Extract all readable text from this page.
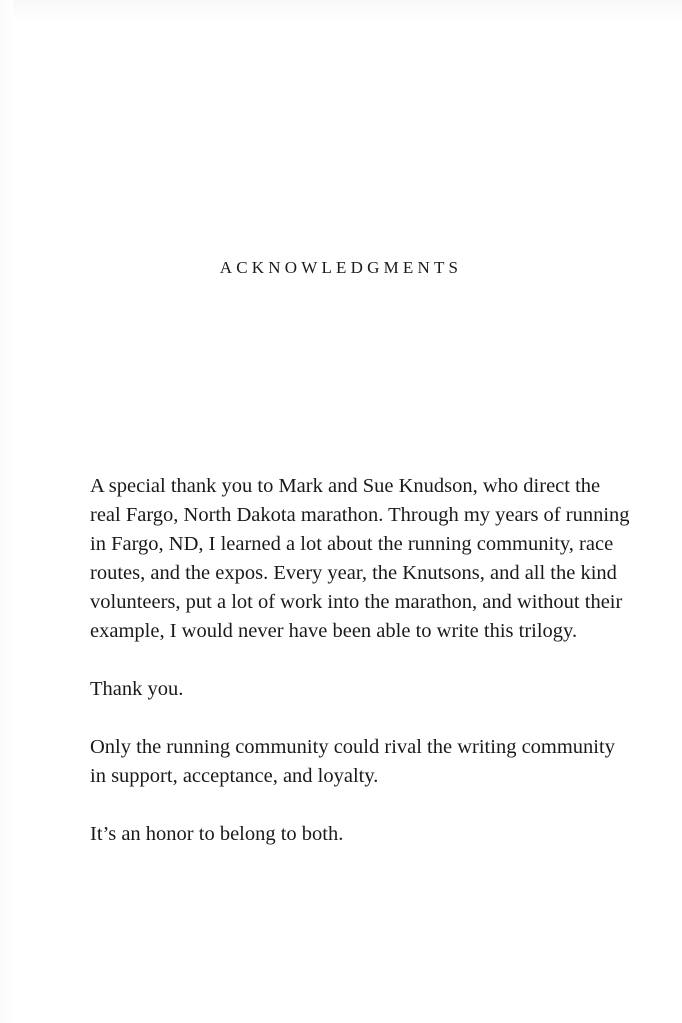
ACKNOWLEDGMENTS

A special thank you to Mark and Sue Knudson, who direct the real Fargo, North Dakota marathon. Through my years of running in Fargo, ND, I learned a lot about the running community, race routes, and the expos. Every year, the Knutsons, and all the kind volunteers, put a lot of work into the marathon, and without their example, I would never have been able to write this trilogy.

Thank you.

Only the running community could rival the writing community in support, acceptance, and loyalty.

It’s an honor to belong to both.
